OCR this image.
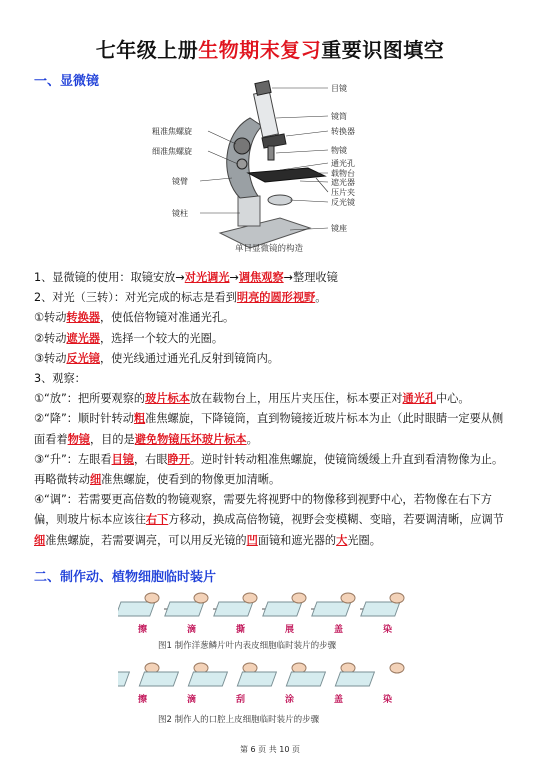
七年级上册生物期末复习重要识图填空
一、显微镜
粗准焦螺旋
细准焦螺旋
镜臂
镜柱
目镜
镜筒
转换器
物镜
通光孔
载物台
遮光器
压片夹
反光镜
镜座
单目显微镜的构造

1、显微镜的使用：取镜安放→对光调光→调焦观察→整理收镜

2、对光（三转）：对光完成的标志是看到明亮的圆形视野。

①转动转换器，使低倍物镜对准通光孔。

②转动遮光器，选择一个较大的光圈。

③转动反光镜，使光线通过通光孔反射到镜筒内。

3、观察：

①“放”：把所要观察的玻片标本放在载物台上，用压片夹压住，标本要正对通光孔中心。

②“降”：顺时针转动粗准焦螺旋，下降镜筒，直到物镜接近玻片标本为止（此时眼睛一定要从侧面看着物镜，目的是避免物镜压坏玻片标本。

③“升”：左眼看目镜，右眼睁开。逆时针转动粗准焦螺旋，使镜筒缓缓上升直到看清物像为止。再略微转动细准焦螺旋，使看到的物像更加清晰。

④“调”：若需要更高倍数的物镜观察，需要先将视野中的物像移到视野中心，若物像在右下方偏，则玻片标本应该往右下方移动，换成高倍物镜，视野会变模糊、变暗，若要调清晰，应调节细准焦螺旋，若需要调亮，可以用反光镜的凹面镜和遮光器的大光圈。

二、制作动、植物细胞临时装片
擦	滴	撕	展	盖	染
图1 制作洋葱鳞片叶内表皮细胞临时装片的步骤
擦	滴	刮	涂	盖	染
图2 制作人的口腔上皮细胞临时装片的步骤
第 6 页 共 10 页
